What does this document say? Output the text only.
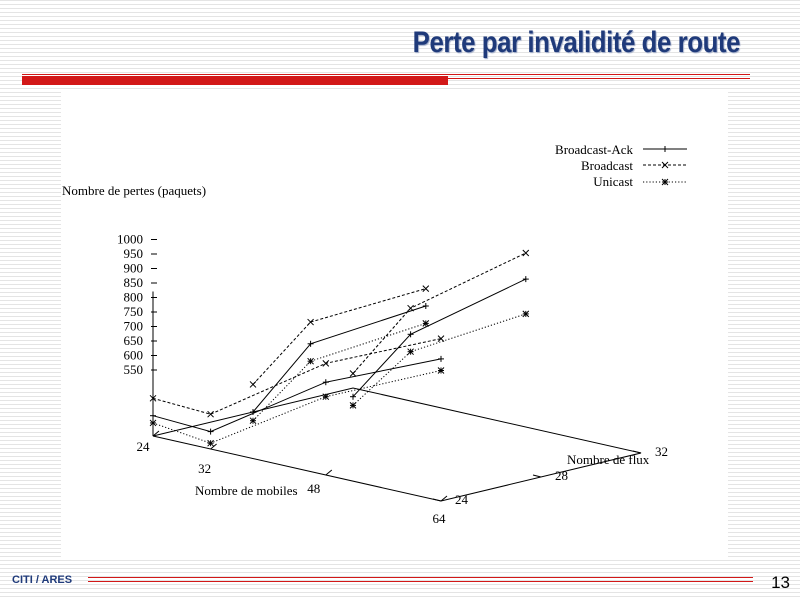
Perte par invalidité de route
550
600
650
700
750
800
850
900
950
1000
24
32
48
64
24
28
32
Nombre de pertes (paquets)
Nombre de mobiles
Nombre de flux
Broadcast-Ack
Broadcast
Unicast
CITI / ARES	13
